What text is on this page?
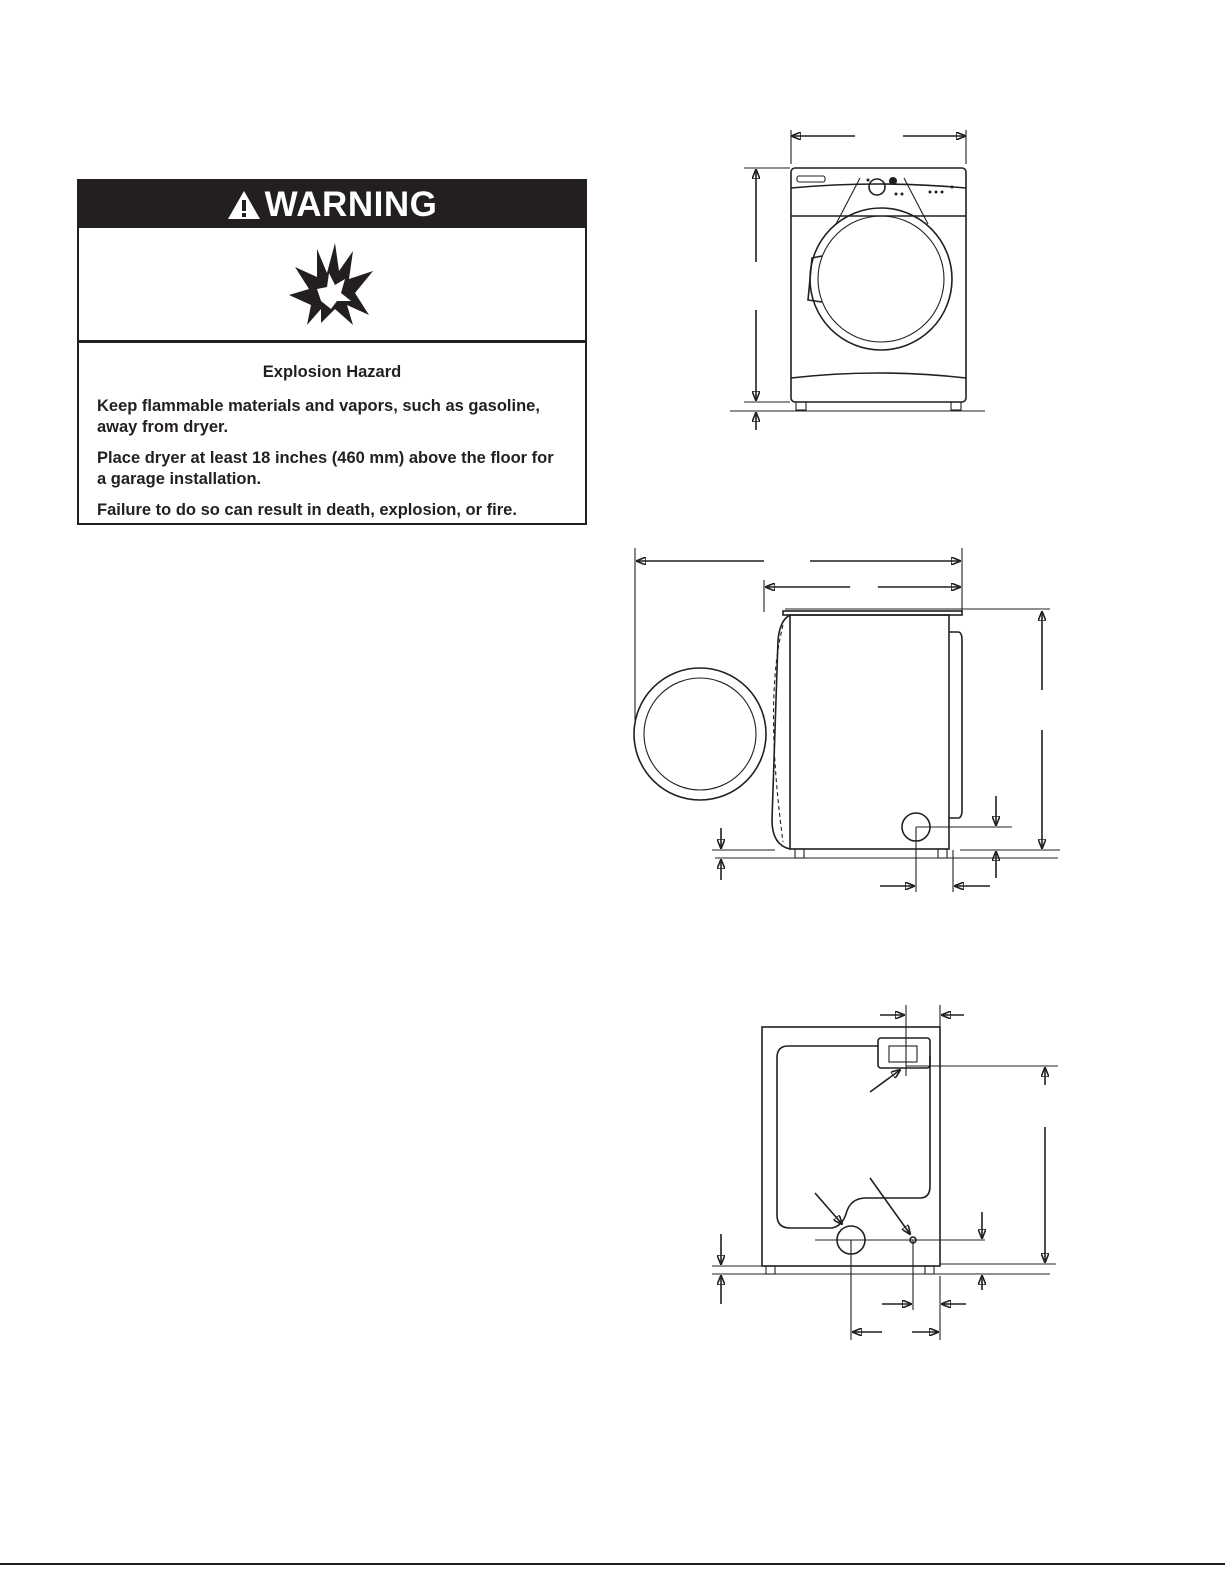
WARNING

Explosion Hazard

Keep flammable materials and vapors, such as gasoline, away from dryer.

Place dryer at least 18 inches (460 mm) above the floor for a garage installation.

Failure to do so can result in death, explosion, or fire.
